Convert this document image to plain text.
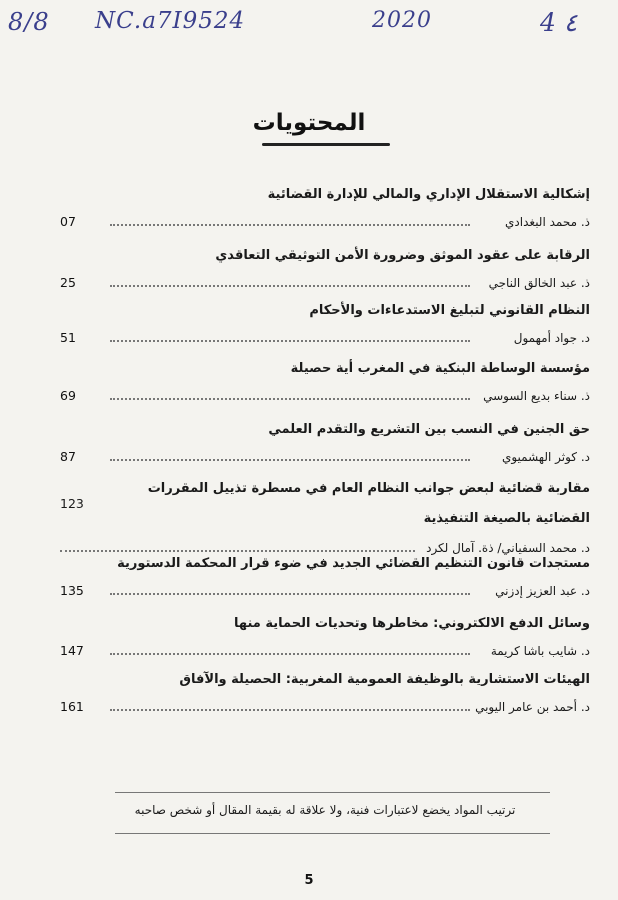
8/8 NC.a7I9524	2020	4 ٤
المحتويات
إشكالية الاستقلال الإداري والمالي للإدارة القضائية
07	ذ. محمد البغدادي
الرقابة على عقود الموثق وضرورة الأمن التوثيقي التعاقدي
25	ذ. عبد الخالق الناجي
النظام القانوني لتبليغ الاستدعاءات والأحكام
51	د. جواد أمهمول
مؤسسة الوساطة البنكية في المغرب أية حصيلة
69	ذ. سناء بديع السوسي
حق الجنين في النسب بين التشريع والتقدم العلمي
87	د. كوثر الهشميوي
مقاربة قضائية لبعض جوانب النظام العام في مسطرة تذييل المقررات القضائية بالصيغة التنفيذية
123
د. محمد السفياني/ ذة. آمال لكرد
مستجدات قانون التنظيم القضائي الجديد في ضوء قرار المحكمة الدستورية
135	د. عبد العزيز إدزني
وسائل الدفع الالكتروني: مخاطرها وتحديات الحماية منها
147	د. شايب باشا كريمة
الهيئات الاستشارية بالوظيفة العمومية المغربية: الحصيلة والآفاق
161	د. أحمد بن عامر اليوبي
ترتيب المواد يخضع لاعتبارات فنية، ولا علاقة له بقيمة المقال أو شخص صاحبه
5
